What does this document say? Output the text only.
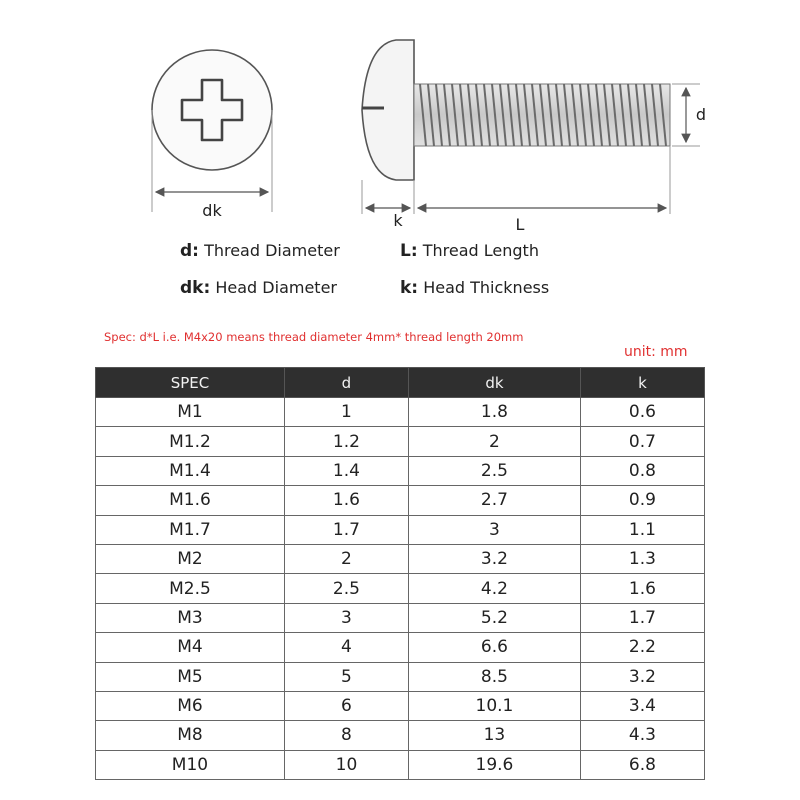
dk
k	L
d
d: Thread Diameter	L: Thread Length
dk: Head Diameter	k: Head Thickness
Spec: d*L i.e. M4x20 means thread diameter 4mm* thread length 20mm
unit: mm
SPEC	d	dk	k
M1	1	1.8	0.6
M1.2	1.2	2	0.7
M1.4	1.4	2.5	0.8
M1.6	1.6	2.7	0.9
M1.7	1.7	3	1.1
M2	2	3.2	1.3
M2.5	2.5	4.2	1.6
M3	3	5.2	1.7
M4	4	6.6	2.2
M5	5	8.5	3.2
M6	6	10.1	3.4
M8	8	13	4.3
M10	10	19.6	6.8
